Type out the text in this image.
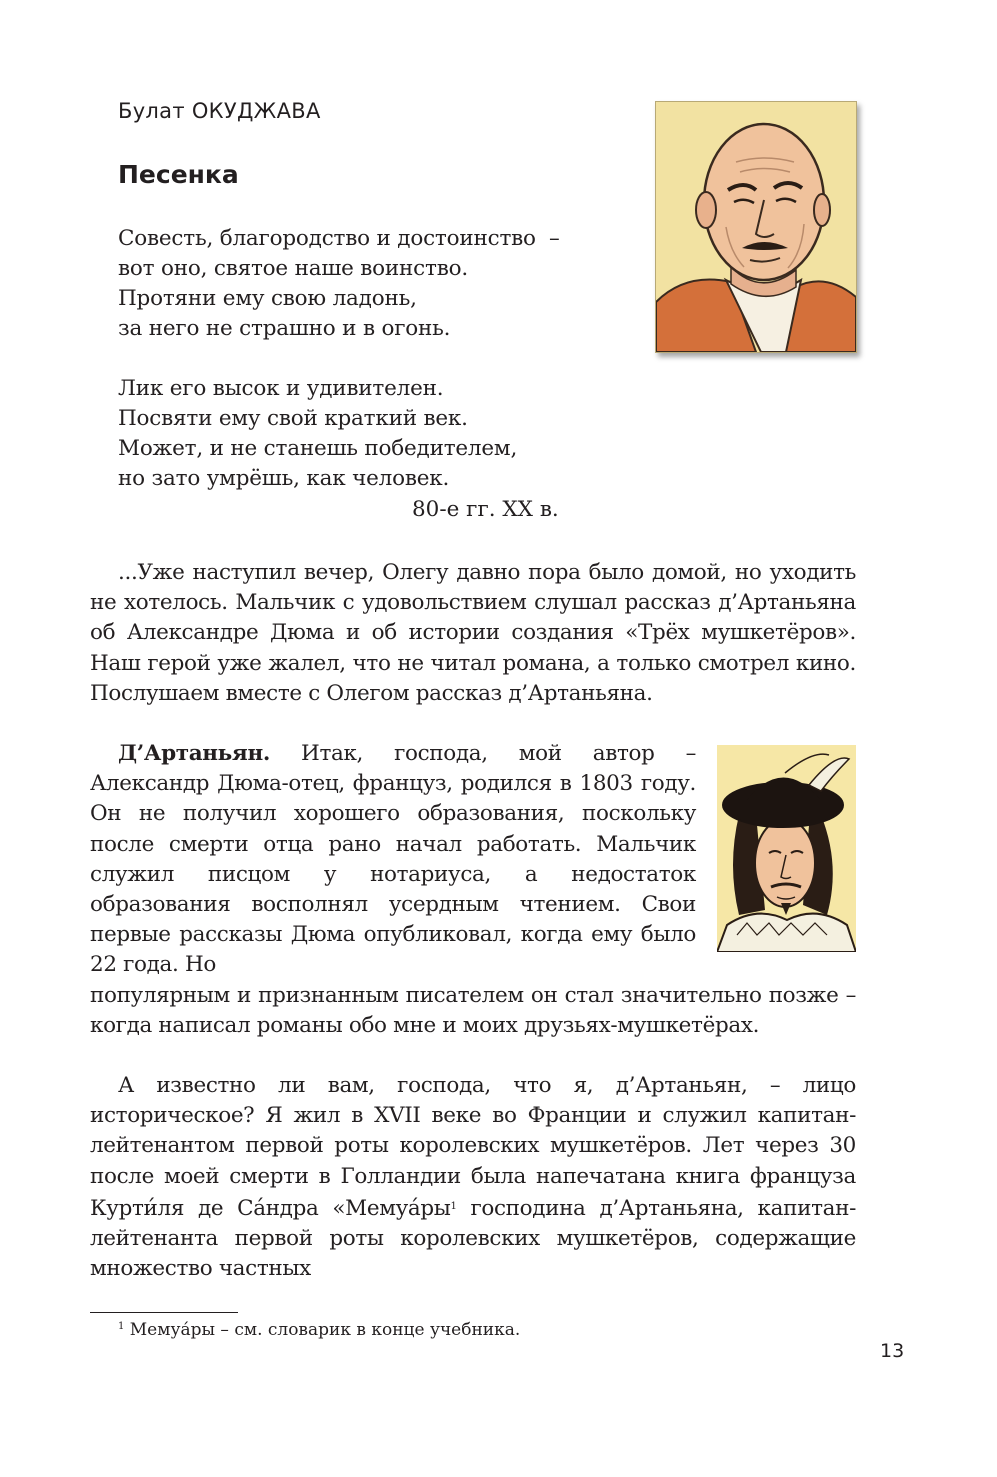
Булат ОКУДЖАВА
Песенка
Совесть, благородство и достоинство  –
вот оно, святое наше воинство.
Протяни ему свою ладонь,
за него не страшно и в огонь.
Лик его высок и удивителен.
Посвяти ему свой краткий век.
Может, и не станешь победителем,
но зато умрёшь, как человек.
80-е гг. XX в.

...Уже наступил вечер, Олегу давно пора было домой, но уходить не хотелось. Мальчик с удовольствием слушал рассказ д’Артаньяна об Александре Дюма и об истории создания «Трёх мушкетёров». Наш герой уже жалел, что не читал романа, а только смотрел кино. Послушаем вместе с Олегом рассказ д’Артаньяна.

Д’Артаньян. Итак, господа, мой автор – Александр Дюма-отец, француз, родился в 1803 году. Он не получил хорошего образования, поскольку после смерти отца рано начал работать. Мальчик служил писцом у нотариуса, а недостаток образования восполнял усердным чтением. Свои первые рассказы Дюма опубликовал, когда ему было 22 года. Но

популярным и признанным писателем он стал значительно позже – когда написал романы обо мне и моих друзьях-мушкетёрах.

А известно ли вам, господа, что я, д’Артаньян, – лицо историческое? Я жил в XVII веке во Франции и служил капитан-лейтенантом первой роты королевских мушкетёров. Лет через 30 после моей смерти в Голландии была напечатана книга француза Курти́ля де Са́ндра «$Мемуа́ры^1$ господина д’Артаньяна, капитан-лейтенанта первой роты королевских мушкетёров, содержащие множество частных

$^1$ Мемуа́ры – см. словарик в конце учебника.
13
